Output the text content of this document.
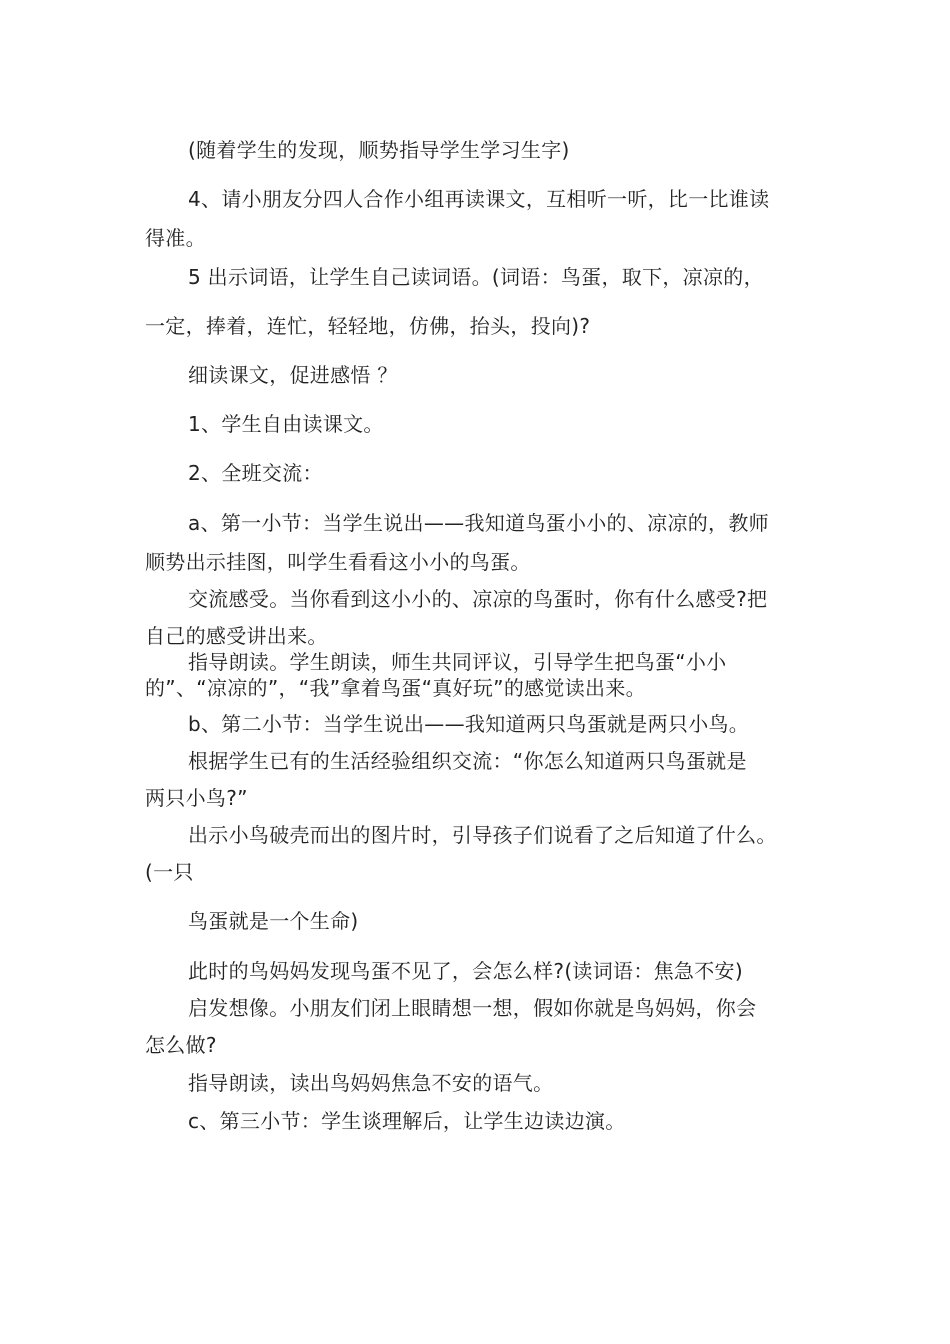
(随着学生的发现，顺势指导学生学习生字)
4、请小朋友分四人合作小组再读课文，互相听一听，比一比谁读
得准。
5 出示词语，让学生自己读词语。(词语：鸟蛋，取下，凉凉的，
一定，捧着，连忙，轻轻地，仿佛，抬头，投向)?
细读课文，促进感悟 ？
1、学生自由读课文。
2、全班交流：
a、第一小节：当学生说出——我知道鸟蛋小小的、凉凉的，教师
顺势出示挂图，叫学生看看这小小的鸟蛋。
交流感受。当你看到这小小的、凉凉的鸟蛋时，你有什么感受?把
自己的感受讲出来。
指导朗读。学生朗读，师生共同评议，引导学生把鸟蛋“小小
的”、“凉凉的”，“我”拿着鸟蛋“真好玩”的感觉读出来。
b、第二小节：当学生说出——我知道两只鸟蛋就是两只小鸟。
根据学生已有的生活经验组织交流：“你怎么知道两只鸟蛋就是
两只小鸟?”
出示小鸟破壳而出的图片时，引导孩子们说看了之后知道了什么。
(一只
鸟蛋就是一个生命)
此时的鸟妈妈发现鸟蛋不见了，会怎么样?(读词语：焦急不安)
启发想像。小朋友们闭上眼睛想一想，假如你就是鸟妈妈，你会
怎么做?
指导朗读，读出鸟妈妈焦急不安的语气。
c、第三小节：学生谈理解后，让学生边读边演。
